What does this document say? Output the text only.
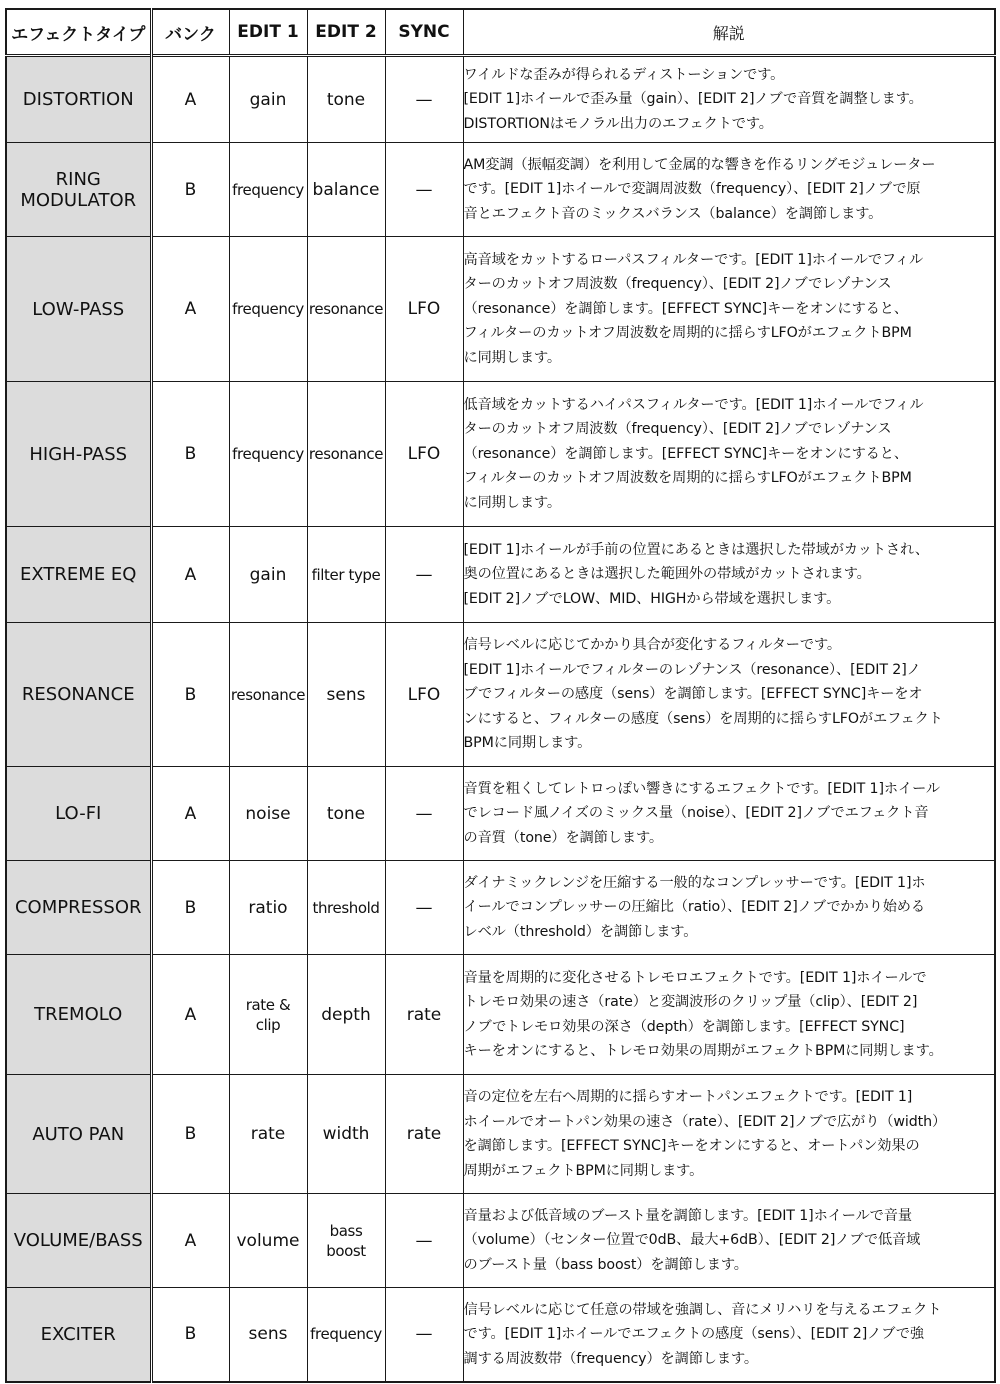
エフェクトタイプ	バンク	EDIT 1	EDIT 2	SYNC	解説
DISTORTION	A	gain	tone	—	ワイルドな歪みが得られるディストーションです。
[EDIT 1]ホイールで歪み量（gain）、[EDIT 2]ノブで音質を調整します。
DISTORTIONはモノラル出力のエフェクトです。

RING
MODULATOR	B	frequency	balance	—	AM変調（振幅変調）を利用して金属的な響きを作るリングモジュレーター
です。[EDIT 1]ホイールで変調周波数（frequency）、[EDIT 2]ノブで原
音とエフェクト音のミックスバランス（balance）を調節します。

LOW-PASS	A	frequency	resonance	LFO	高音域をカットするローパスフィルターです。[EDIT 1]ホイールでフィル
ターのカットオフ周波数（frequency）、[EDIT 2]ノブでレゾナンス
（resonance）を調節します。[EFFECT SYNC]キーをオンにすると、
フィルターのカットオフ周波数を周期的に揺らすLFOがエフェクトBPM
に同期します。

HIGH-PASS	B	frequency	resonance	LFO	低音域をカットするハイパスフィルターです。[EDIT 1]ホイールでフィル
ターのカットオフ周波数（frequency）、[EDIT 2]ノブでレゾナンス
（resonance）を調節します。[EFFECT SYNC]キーをオンにすると、
フィルターのカットオフ周波数を周期的に揺らすLFOがエフェクトBPM
に同期します。

EXTREME EQ	A	gain	filter type	—	[EDIT 1]ホイールが手前の位置にあるときは選択した帯域がカットされ、
奥の位置にあるときは選択した範囲外の帯域がカットされます。
[EDIT 2]ノブでLOW、MID、HIGHから帯域を選択します。

RESONANCE	B	resonance	sens	LFO	信号レベルに応じてかかり具合が変化するフィルターです。
[EDIT 1]ホイールでフィルターのレゾナンス（resonance）、[EDIT 2]ノ
ブでフィルターの感度（sens）を調節します。[EFFECT SYNC]キーをオ
ンにすると、フィルターの感度（sens）を周期的に揺らすLFOがエフェクト
BPMに同期します。

LO-FI	A	noise	tone	—	音質を粗くしてレトロっぽい響きにするエフェクトです。[EDIT 1]ホイール
でレコード風ノイズのミックス量（noise）、[EDIT 2]ノブでエフェクト音
の音質（tone）を調節します。

COMPRESSOR	B	ratio	threshold	—	ダイナミックレンジを圧縮する一般的なコンプレッサーです。[EDIT 1]ホ
イールでコンプレッサーの圧縮比（ratio）、[EDIT 2]ノブでかかり始める
レベル（threshold）を調節します。

TREMOLO	A	rate &
clip	depth	rate	音量を周期的に変化させるトレモロエフェクトです。[EDIT 1]ホイールで
トレモロ効果の速さ（rate）と変調波形のクリップ量（clip）、[EDIT 2]
ノブでトレモロ効果の深さ（depth）を調節します。[EFFECT SYNC]
キーをオンにすると、トレモロ効果の周期がエフェクトBPMに同期します。

AUTO PAN	B	rate	width	rate	音の定位を左右へ周期的に揺らすオートパンエフェクトです。[EDIT 1]
ホイールでオートパン効果の速さ（rate）、[EDIT 2]ノブで広がり（width）
を調節します。[EFFECT SYNC]キーをオンにすると、オートパン効果の
周期がエフェクトBPMに同期します。

VOLUME/BASS	A	volume	bass
boost	—	音量および低音域のブースト量を調節します。[EDIT 1]ホイールで音量
（volume）（センター位置で0dB、最大+6dB）、[EDIT 2]ノブで低音域
のブースト量（bass boost）を調節します。

EXCITER	B	sens	frequency	—	信号レベルに応じて任意の帯域を強調し、音にメリハリを与えるエフェクト
です。[EDIT 1]ホイールでエフェクトの感度（sens）、[EDIT 2]ノブで強
調する周波数帯（frequency）を調節します。
